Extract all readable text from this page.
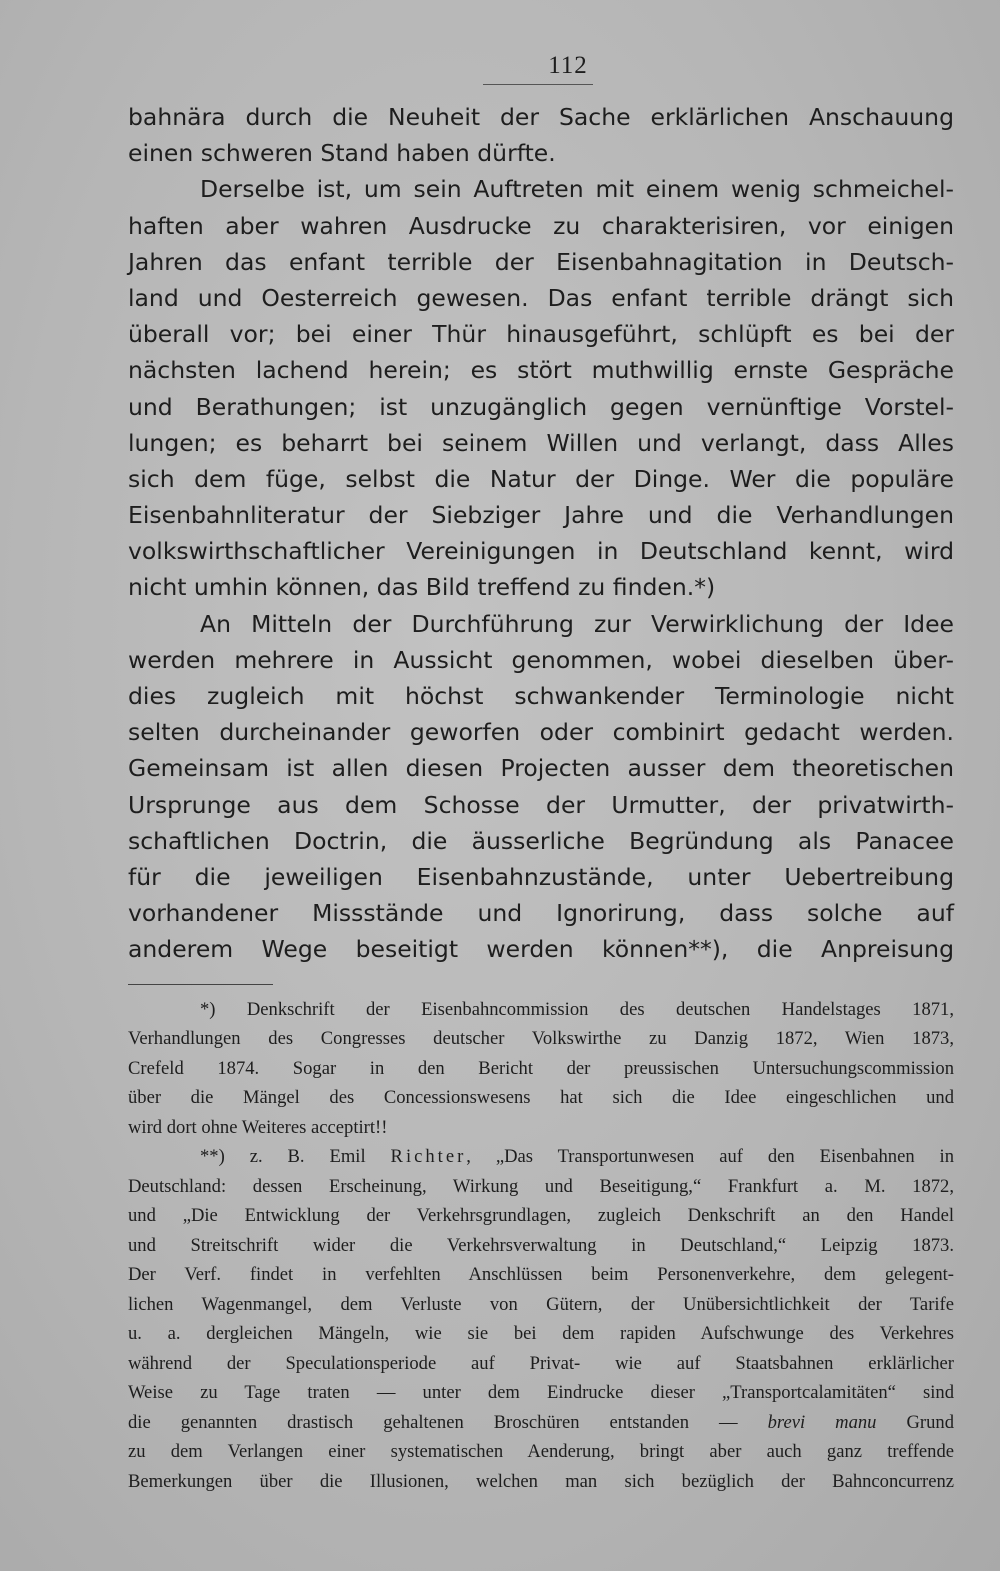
112
bahnära durch die Neuheit der Sache erklärlichen Anschauung
einen schweren Stand haben dürfte.
Derselbe ist, um sein Auftreten mit einem wenig schmeichel-
haften aber wahren Ausdrucke zu charakterisiren, vor einigen
Jahren das enfant terrible der Eisenbahnagitation in Deutsch-
land und Oesterreich gewesen. Das enfant terrible drängt sich
überall vor; bei einer Thür hinausgeführt, schlüpft es bei der
nächsten lachend herein; es stört muthwillig ernste Gespräche
und Berathungen; ist unzugänglich gegen vernünftige Vorstel-
lungen; es beharrt bei seinem Willen und verlangt, dass Alles
sich dem füge, selbst die Natur der Dinge. Wer die populäre
Eisenbahnliteratur der Siebziger Jahre und die Verhandlungen
volkswirthschaftlicher Vereinigungen in Deutschland kennt, wird
nicht umhin können, das Bild treffend zu finden.*)
An Mitteln der Durchführung zur Verwirklichung der Idee
werden mehrere in Aussicht genommen, wobei dieselben über-
dies zugleich mit höchst schwankender Terminologie nicht
selten durcheinander geworfen oder combinirt gedacht werden.
Gemeinsam ist allen diesen Projecten ausser dem theoretischen
Ursprunge aus dem Schosse der Urmutter, der privatwirth-
schaftlichen Doctrin, die äusserliche Begründung als Panacee
für die jeweiligen Eisenbahnzustände, unter Uebertreibung
vorhandener Missstände und Ignorirung, dass solche auf
anderem Wege beseitigt werden können**), die Anpreisung
*) Denkschrift der Eisenbahncommission des deutschen Handelstages 1871,
Verhandlungen des Congresses deutscher Volkswirthe zu Danzig 1872, Wien 1873,
Crefeld 1874. Sogar in den Bericht der preussischen Untersuchungscommission
über die Mängel des Concessionswesens hat sich die Idee eingeschlichen und
wird dort ohne Weiteres acceptirt!!
**) z. B. Emil Richter, „Das Transportunwesen auf den Eisenbahnen in
Deutschland: dessen Erscheinung, Wirkung und Beseitigung,“ Frankfurt a. M. 1872,
und „Die Entwicklung der Verkehrsgrundlagen, zugleich Denkschrift an den Handel
und Streitschrift wider die Verkehrsverwaltung in Deutschland,“ Leipzig 1873.
Der Verf. findet in verfehlten Anschlüssen beim Personenverkehre, dem gelegent-
lichen Wagenmangel, dem Verluste von Gütern, der Unübersichtlichkeit der Tarife
u. a. dergleichen Mängeln, wie sie bei dem rapiden Aufschwunge des Verkehres
während der Speculationsperiode auf Privat- wie auf Staatsbahnen erklärlicher
Weise zu Tage traten — unter dem Eindrucke dieser „Transportcalamitäten“ sind
die genannten drastisch gehaltenen Broschüren entstanden — brevi manu Grund
zu dem Verlangen einer systematischen Aenderung, bringt aber auch ganz treffende
Bemerkungen über die Illusionen, welchen man sich bezüglich der Bahnconcurrenz
